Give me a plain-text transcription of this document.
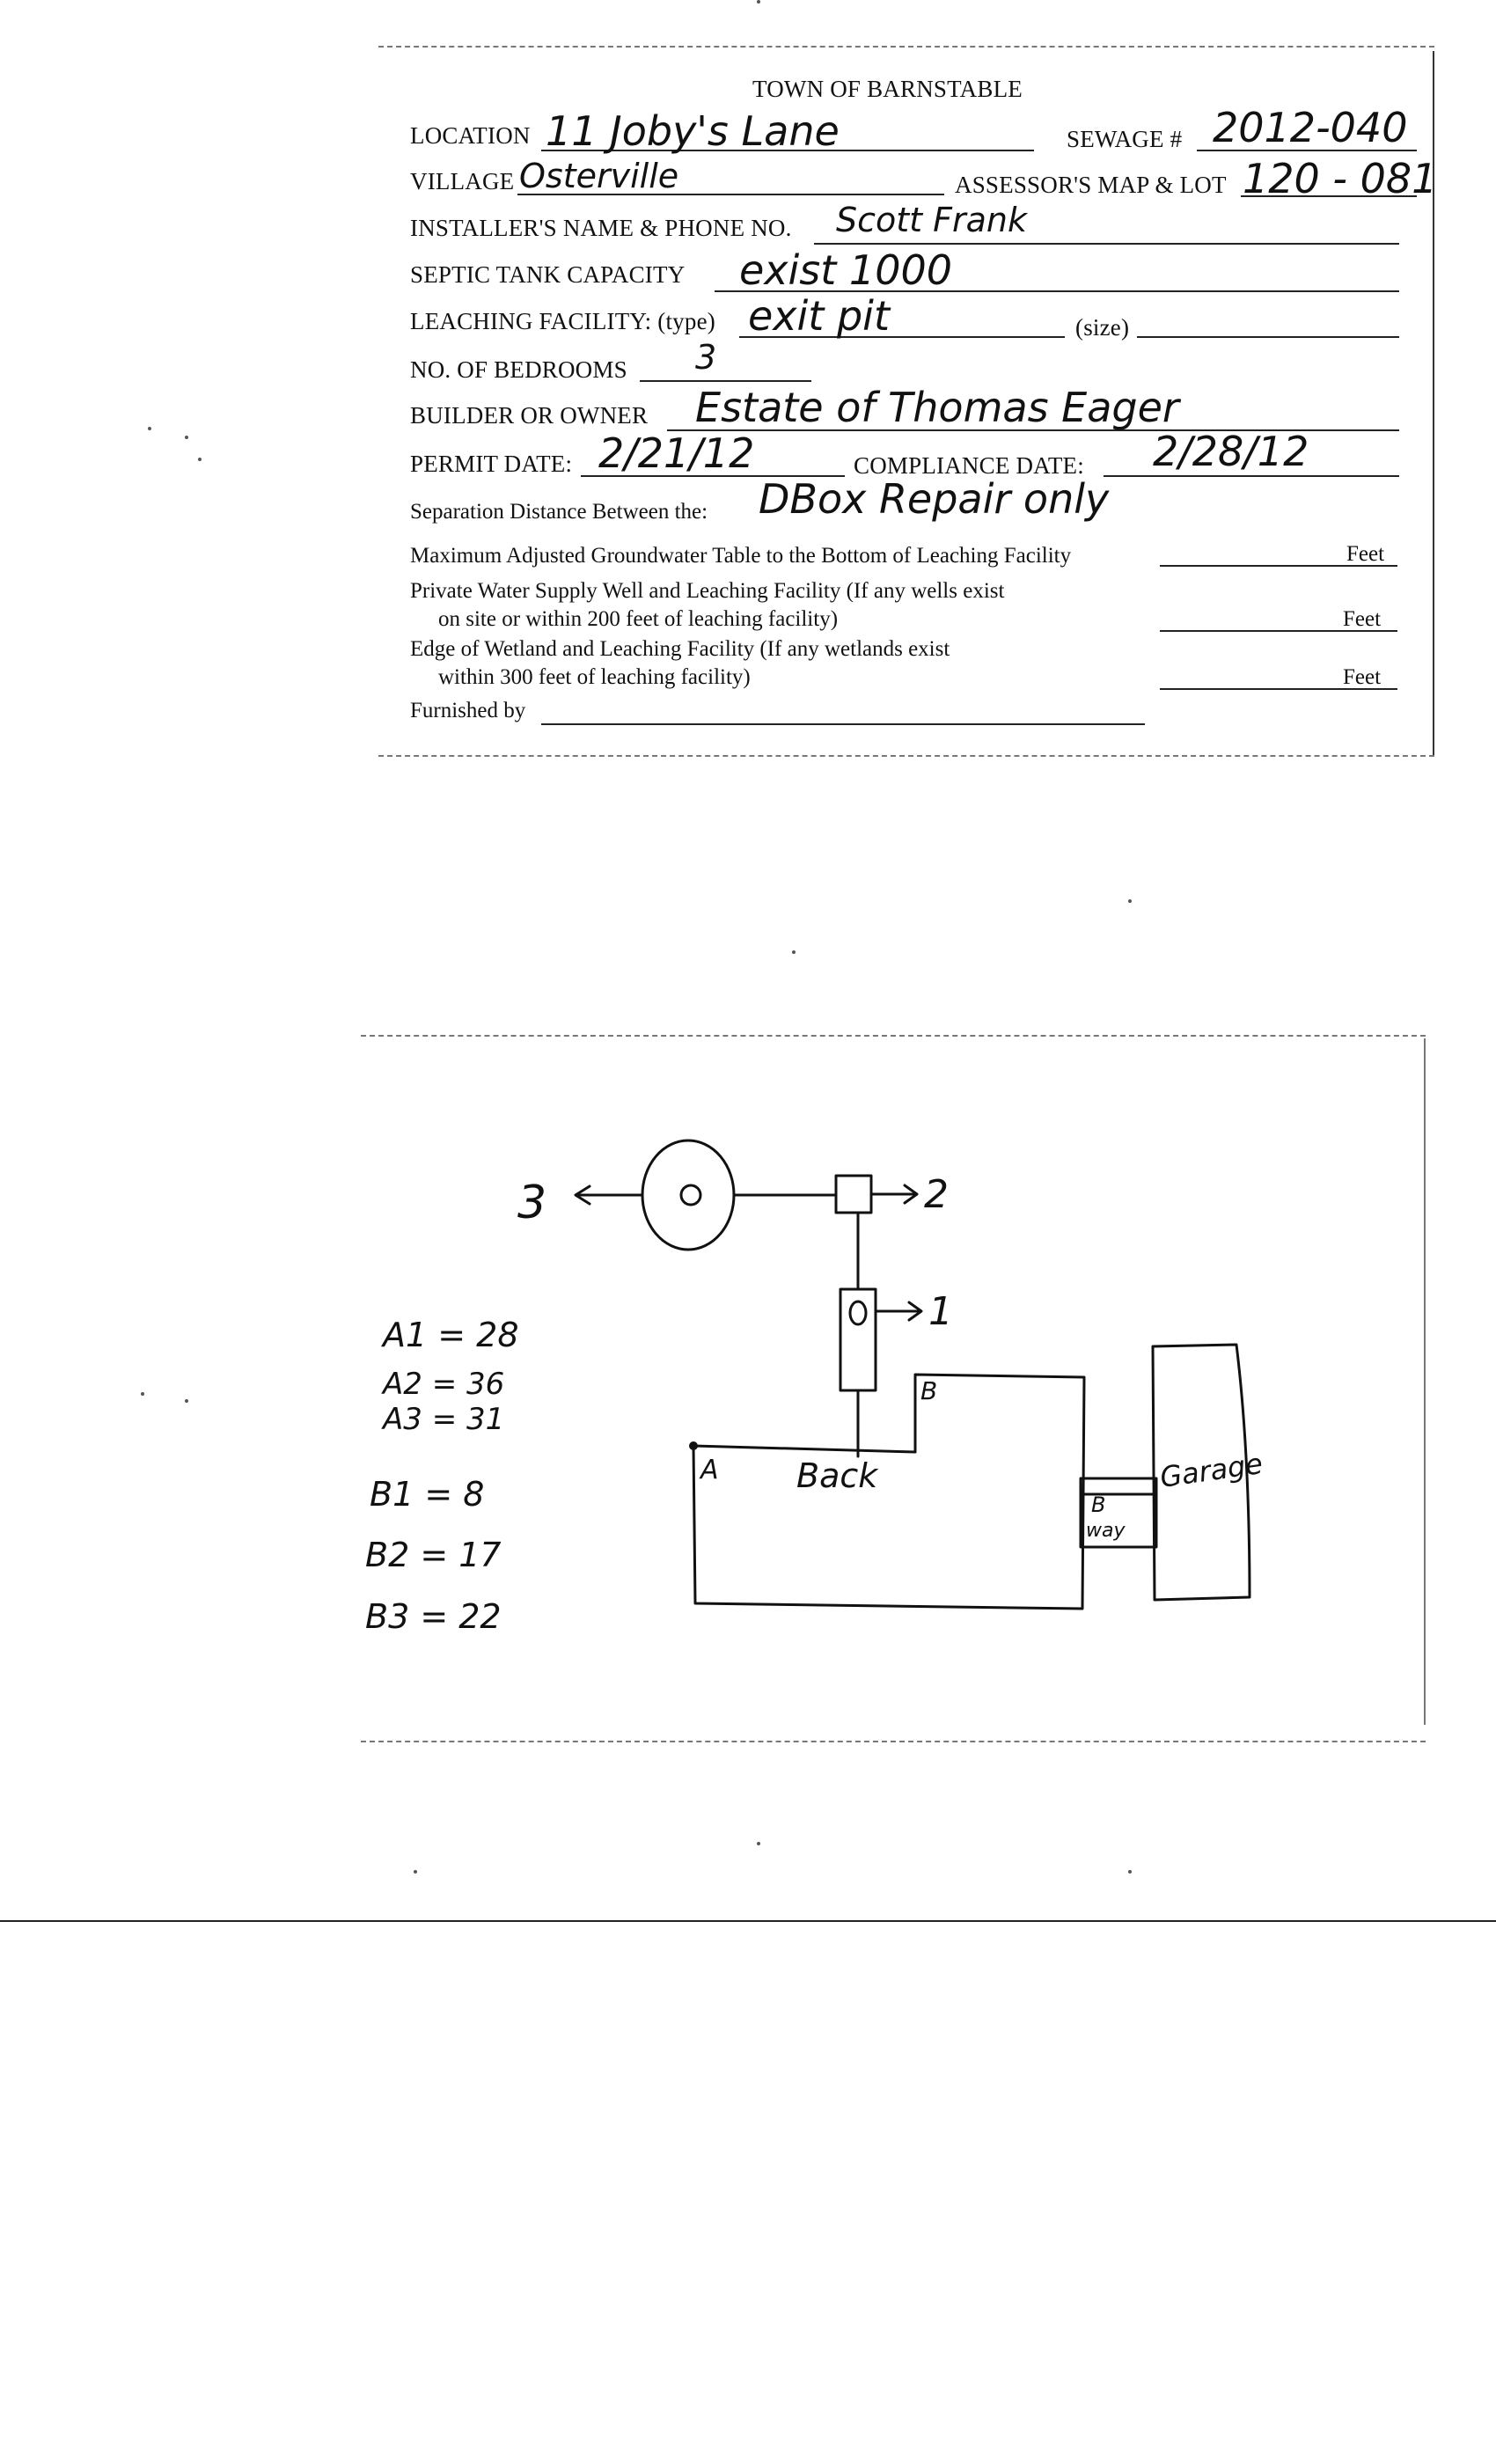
TOWN OF BARNSTABLE
LOCATION 11 Joby's Lane	SEWAGE # 2012-040
VILLAGE Osterville	ASSESSOR'S MAP & LOT 120 - 081
INSTALLER'S NAME & PHONE NO. Scott Frank
SEPTIC TANK CAPACITY exist 1000
LEACHING FACILITY: (type) exit pit	(size)
NO. OF BEDROOMS 3
BUILDER OR OWNER Estate of Thomas Eager
PERMIT DATE: 2/21/12	COMPLIANCE DATE: 2/28/12
Separation Distance Between the: DBox Repair only
Maximum Adjusted Groundwater Table to the Bottom of Leaching Facility	Feet
Private Water Supply Well and Leaching Facility (If any wells exist
on site or within 200 feet of leaching facility)	Feet
Edge of Wetland and Leaching Facility (If any wetlands exist
within 300 feet of leaching facility)	Feet
Furnished by
A1 = 28
A2 = 36
A3 = 31
B1 = 8
B2 = 17
B3 = 22
3	2
1
A
B
Back
B
way
Garage
